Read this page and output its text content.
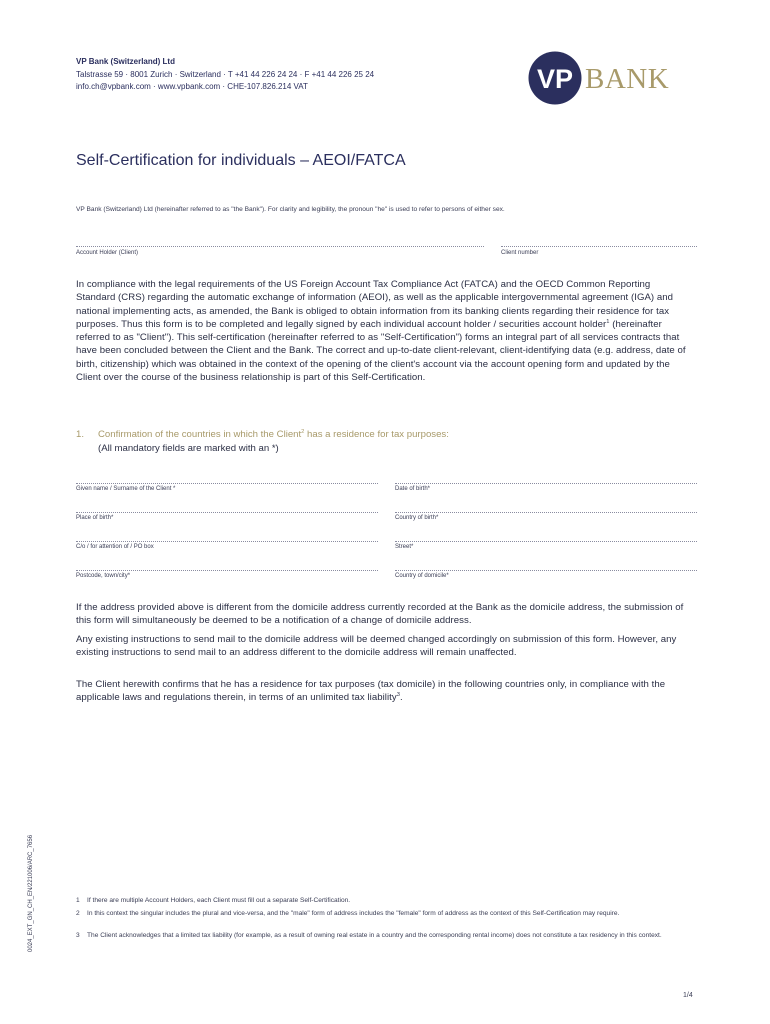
VP Bank (Switzerland) Ltd
Talstrasse 59 · 8001 Zurich · Switzerland · T +41 44 226 24 24 · F +41 44 226 25 24
info.ch@vpbank.com · www.vpbank.com · CHE-107.826.214 VAT	VP BANK
Self-Certification for individuals – AEOI/FATCA
VP Bank (Switzerland) Ltd (hereinafter referred to as "the Bank"). For clarity and legibility, the pronoun "he" is used to refer to persons of either sex.
Account Holder (Client)	Client number

In compliance with the legal requirements of the US Foreign Account Tax Compliance Act (FATCA) and the OECD Common Reporting Standard (CRS) regarding the automatic exchange of information (AEOI), as well as the applicable intergovernmental agreement (IGA) and national implementing acts, as amended, the Bank is obliged to obtain information from its banking clients regarding their residence for tax purposes. Thus this form is to be completed and legally signed by each individual account holder / securities account holder$^1$ (hereinafter referred to as "Client"). This self-certification (hereinafter referred to as "Self-Certification") forms an integral part of all services contracts that have been concluded between the Client and the Bank. The correct and up-to-date client-relevant, client-identifying data (e.g. address, date of birth, citizenship) which was obtained in the context of the opening of the client's account via the account opening form and updated by the Client over the course of the business relationship is part of this Self-Certification.

1. Confirmation of the countries in which the Client$^2$ has a residence for tax purposes:
(All mandatory fields are marked with an *)
Given name / Surname of the Client *	Date of birth*
Place of birth*	Country of birth*
C/o / for attention of / PO box	Street*
Postcode, town/city*	Country of domicile*
If the address provided above is different from the domicile address currently recorded at the Bank as the domicile address, the submission of this form will simultaneously be deemed to be a notification of a change of domicile address.
Any existing instructions to send mail to the domicile address will be deemed changed accordingly on submission of this form. However, any existing instructions to send mail to an address different to the domicile address will remain unaffected.
The Client herewith confirms that he has a residence for tax purposes (tax domicile) in the following countries only, in compliance with the applicable laws and regulations therein, in terms of an unlimited tax liability$^3$.
0024_EXT_GN_CH_EN/221006/ARC_7656	1 If there are multiple Account Holders, each Client must fill out a separate Self-Certification.
2 In this context the singular includes the plural and vice-versa, and the "male" form of address includes the "female" form of address as the context of this Self-Certification may require.
3 The Client acknowledges that a limited tax liability (for example, as a result of owning real estate in a country and the corresponding rental income) does not constitute a tax residency in this context.
1/4
